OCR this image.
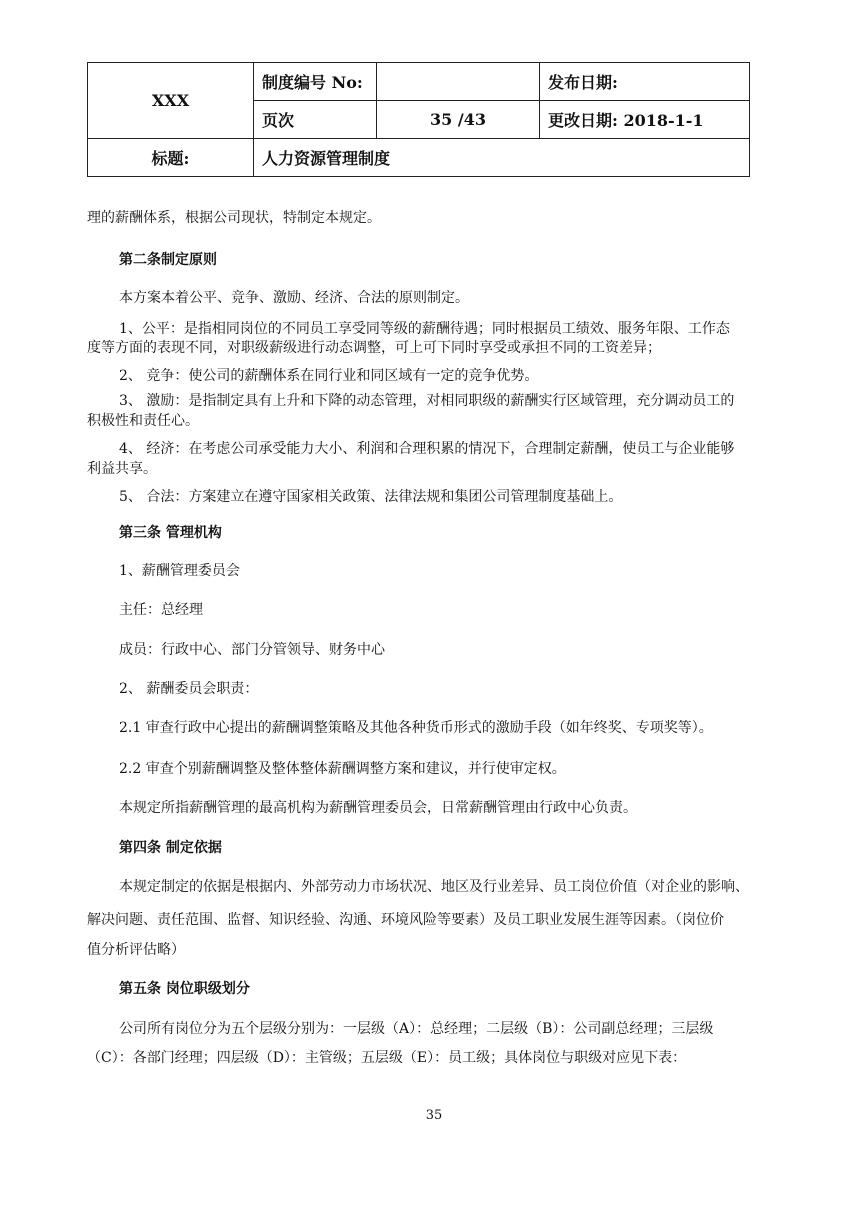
XXX	制度编号 No:		发布日期:
	页次	35 /43	更改日期: 2018-1-1
标题:	人力资源管理制度		
理的薪酬体系，根据公司现状，特制定本规定。
第二条制定原则
本方案本着公平、竞争、激励、经济、合法的原则制定。
1、公平：是指相同岗位的不同员工享受同等级的薪酬待遇；同时根据员工绩效、服务年限、工作态
度等方面的表现不同，对职级薪级进行动态调整，可上可下同时享受或承担不同的工资差异；
2、 竞争：使公司的薪酬体系在同行业和同区域有一定的竞争优势。
3、 激励：是指制定具有上升和下降的动态管理，对相同职级的薪酬实行区域管理，充分调动员工的
积极性和责任心。
4、 经济：在考虑公司承受能力大小、利润和合理积累的情况下，合理制定薪酬，使员工与企业能够
利益共享。
5、 合法：方案建立在遵守国家相关政策、法律法规和集团公司管理制度基础上。
第三条 管理机构
1、薪酬管理委员会
主任：总经理
成员：行政中心、部门分管领导、财务中心
2、 薪酬委员会职责：
2.1 审查行政中心提出的薪酬调整策略及其他各种货币形式的激励手段（如年终奖、专项奖等）。
2.2 审查个别薪酬调整及整体整体薪酬调整方案和建议，并行使审定权。
本规定所指薪酬管理的最高机构为薪酬管理委员会，日常薪酬管理由行政中心负责。
第四条 制定依据
本规定制定的依据是根据内、外部劳动力市场状况、地区及行业差异、员工岗位价值（对企业的影响、
解决问题、责任范围、监督、知识经验、沟通、环境风险等要素）及员工职业发展生涯等因素。（岗位价
值分析评估略）
第五条 岗位职级划分
公司所有岗位分为五个层级分别为：一层级（A）：总经理；二层级（B）：公司副总经理；三层级
（C）：各部门经理；四层级（D）：主管级；五层级（E）：员工级；具体岗位与职级对应见下表：
35
